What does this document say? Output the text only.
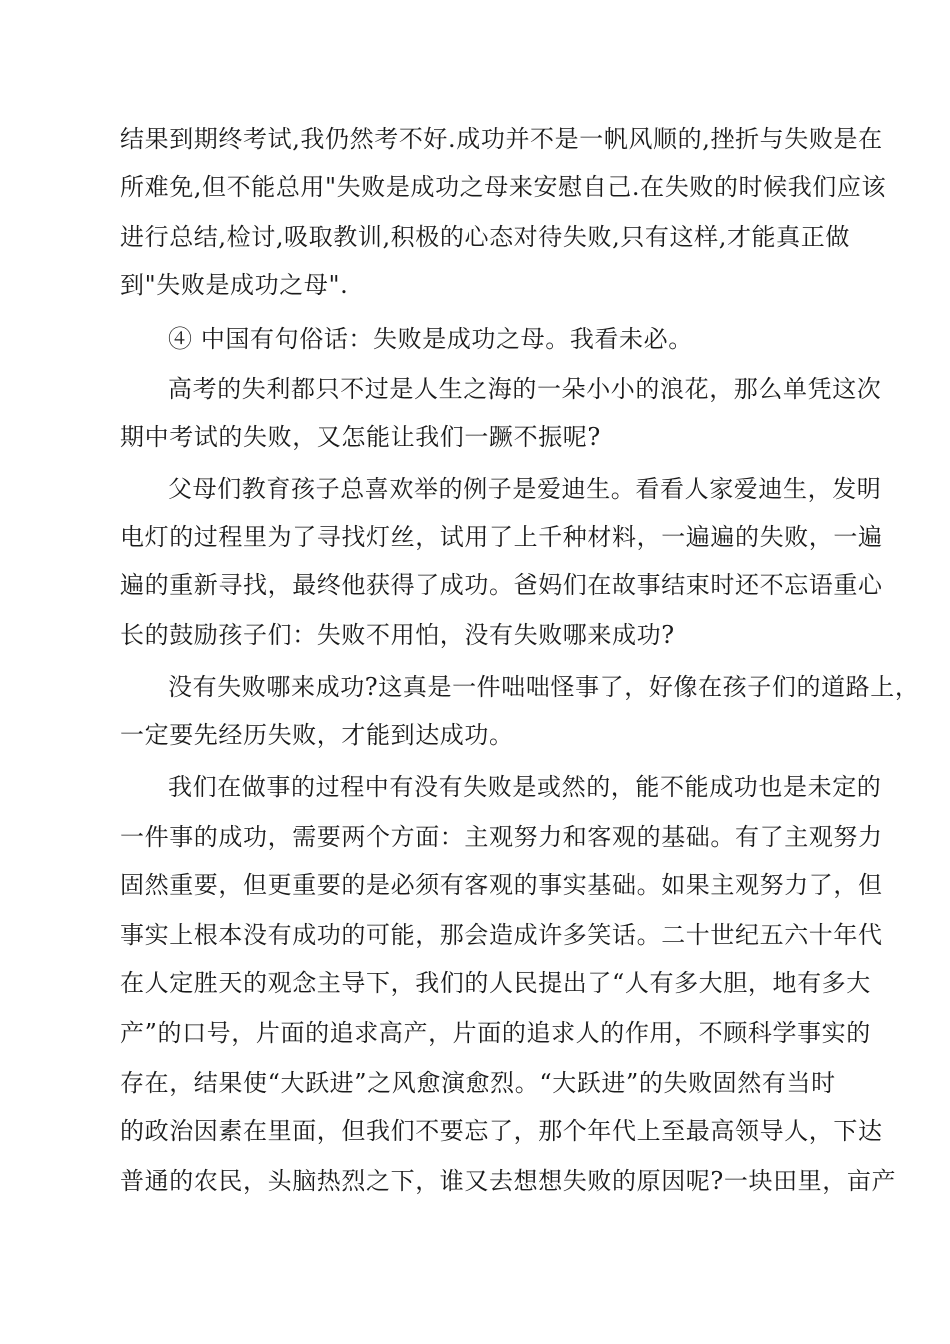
结果到期终考试,我仍然考不好.成功并不是一帆风顺的,挫折与失败是在
所难免,但不能总用"失败是成功之母来安慰自己.在失败的时候我们应该
进行总结,检讨,吸取教训,积极的心态对待失败,只有这样,才能真正做
到"失败是成功之母".
④ 中国有句俗话：失败是成功之母。我看未必。
高考的失利都只不过是人生之海的一朵小小的浪花，那么单凭这次
期中考试的失败，又怎能让我们一蹶不振呢?
父母们教育孩子总喜欢举的例子是爱迪生。看看人家爱迪生，发明
电灯的过程里为了寻找灯丝，试用了上千种材料，一遍遍的失败，一遍
遍的重新寻找，最终他获得了成功。爸妈们在故事结束时还不忘语重心
长的鼓励孩子们：失败不用怕，没有失败哪来成功?
没有失败哪来成功?这真是一件咄咄怪事了，好像在孩子们的道路上，
一定要先经历失败，才能到达成功。
我们在做事的过程中有没有失败是或然的，能不能成功也是未定的
一件事的成功，需要两个方面：主观努力和客观的基础。有了主观努力
固然重要，但更重要的是必须有客观的事实基础。如果主观努力了，但
事实上根本没有成功的可能，那会造成许多笑话。二十世纪五六十年代
在人定胜天的观念主导下，我们的人民提出了“人有多大胆，地有多大
产”的口号，片面的追求高产，片面的追求人的作用，不顾科学事实的
存在，结果使“大跃进”之风愈演愈烈。“大跃进”的失败固然有当时
的政治因素在里面，但我们不要忘了，那个年代上至最高领导人，下达
普通的农民，头脑热烈之下，谁又去想想失败的原因呢?一块田里，亩产
